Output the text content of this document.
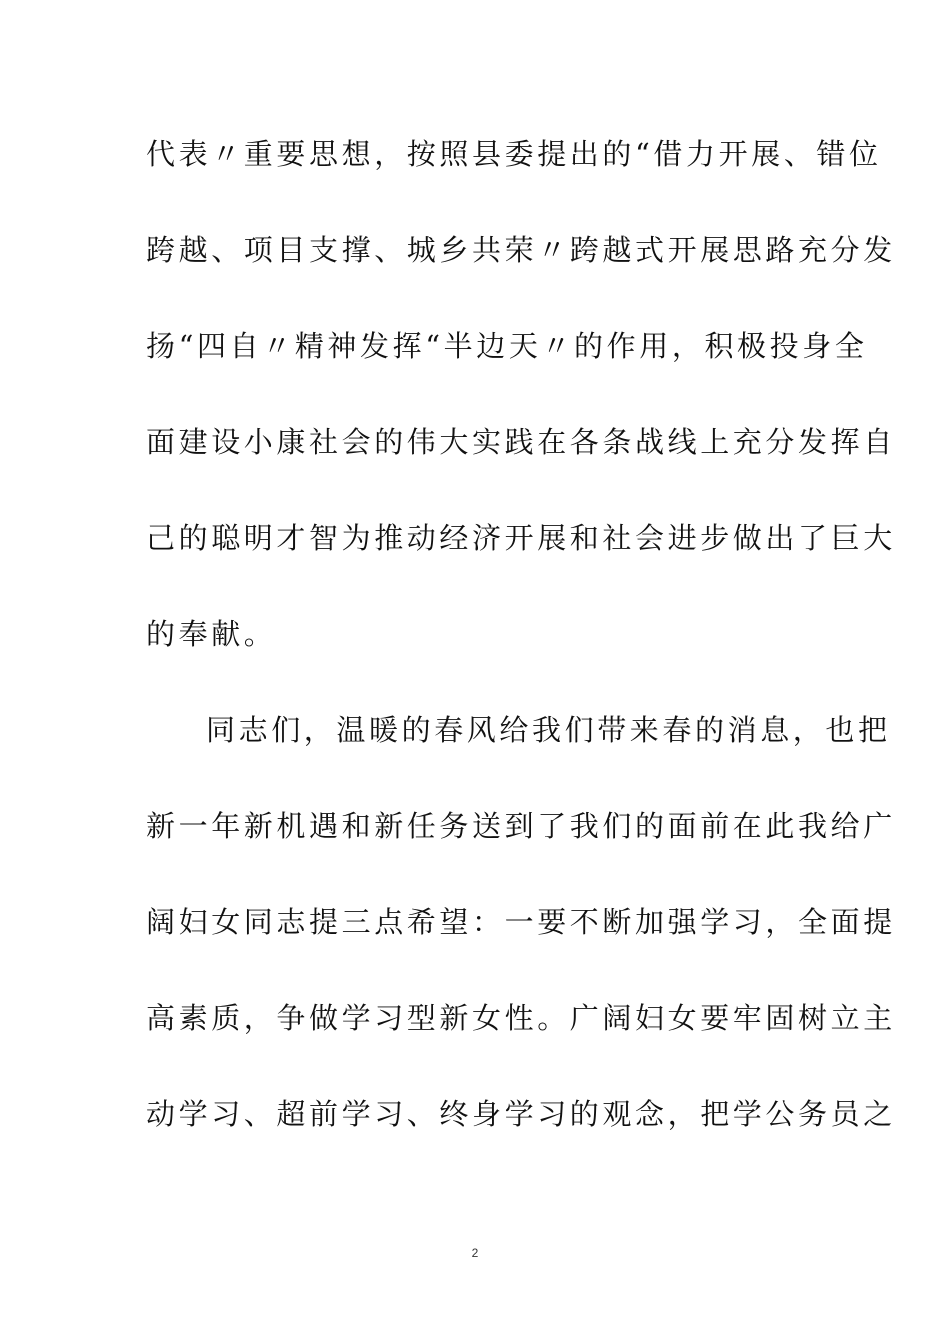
代表〃重要思想，按照县委提出的“借力开展、错位
跨越、项目支撑、城乡共荣〃跨越式开展思路充分发
扬“四自〃精神发挥“半边天〃的作用，积极投身全
面建设小康社会的伟大实践在各条战线上充分发挥自
己的聪明才智为推动经济开展和社会进步做出了巨大
的奉献。
同志们，温暖的春风给我们带来春的消息，也把
新一年新机遇和新任务送到了我们的面前在此我给广
阔妇女同志提三点希望：一要不断加强学习，全面提
高素质，争做学习型新女性。广阔妇女要牢固树立主
动学习、超前学习、终身学习的观念，把学公务员之
2
